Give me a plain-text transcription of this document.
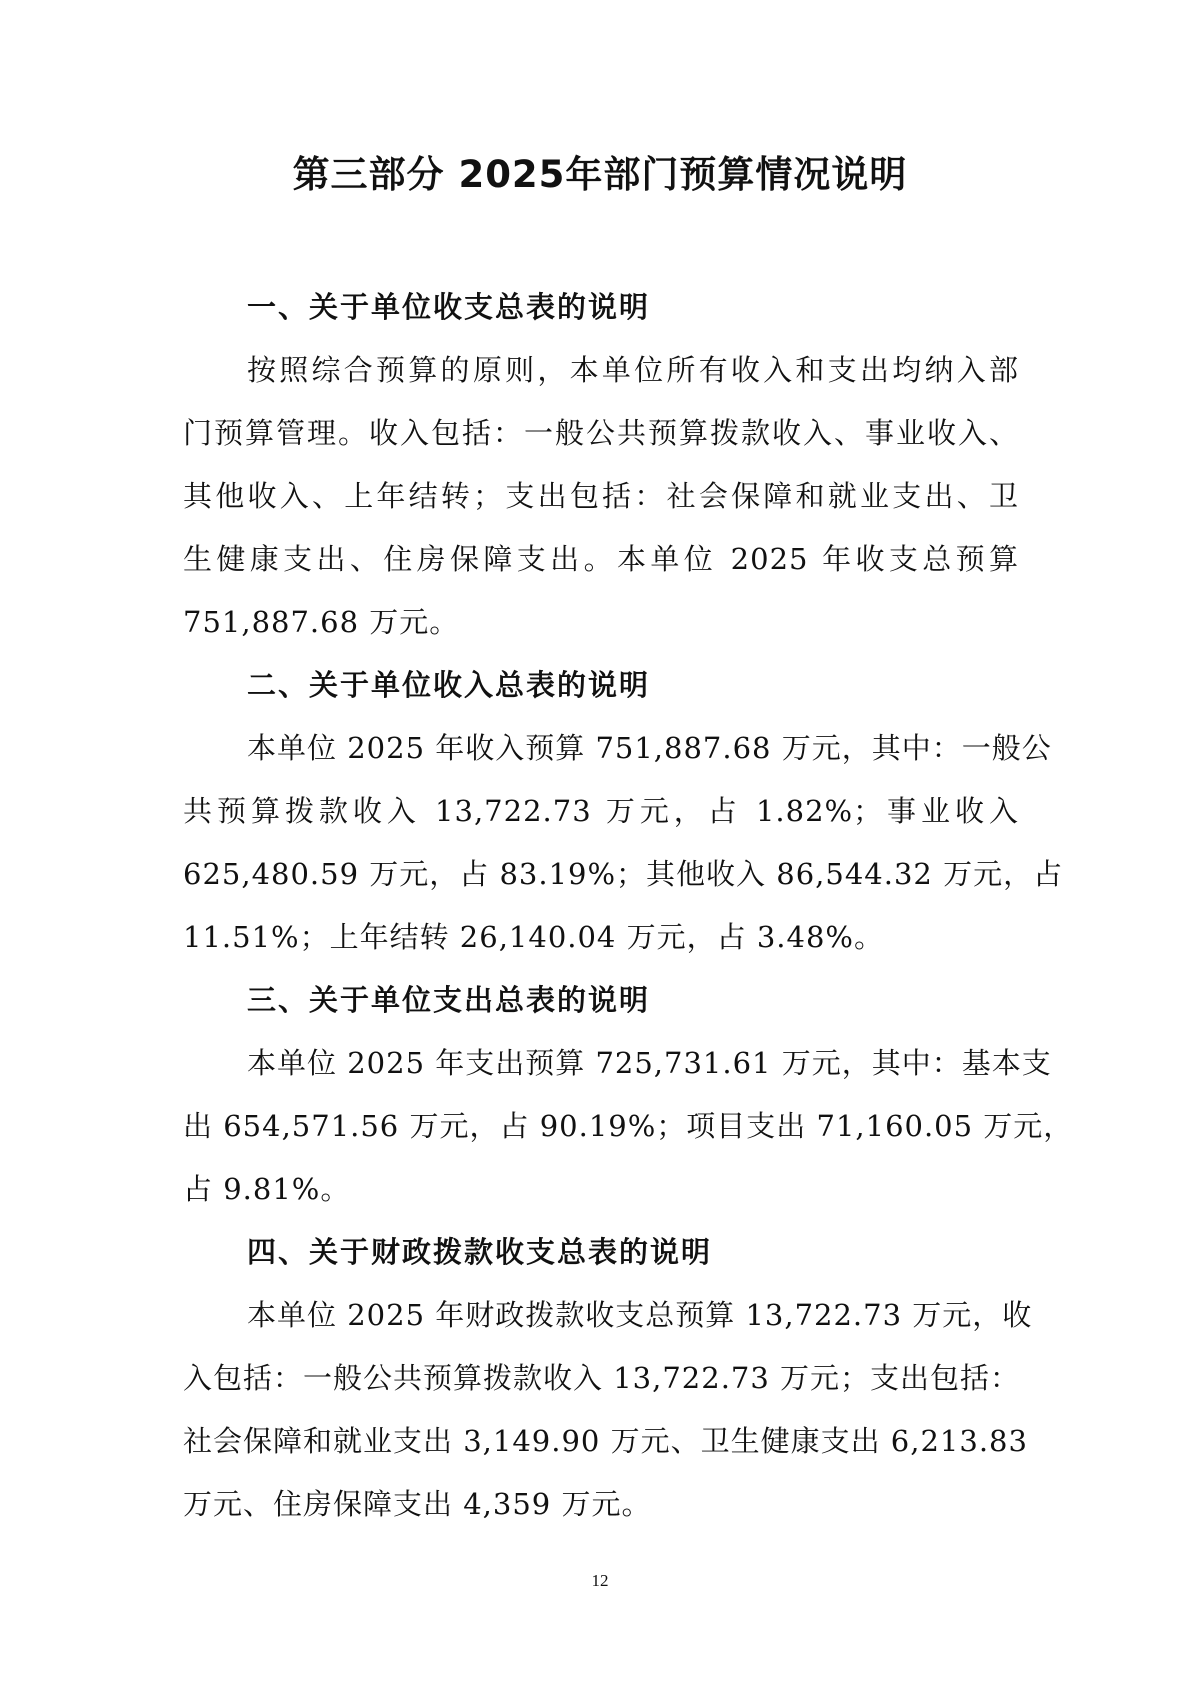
第三部分 2025年部门预算情况说明
一、关于单位收支总表的说明

按照综合预算的原则，本单位所有收入和支出均纳入部
门预算管理。收入包括：一般公共预算拨款收入、事业收入、
其他收入、上年结转；支出包括：社会保障和就业支出、卫
生健康支出、住房保障支出。本单位 2025 年收支总预算
751,887.68 万元。

二、关于单位收入总表的说明

本单位 2025 年收入预算 751,887.68 万元，其中：一般公
共预算拨款收入 13,722.73 万元，占 1.82%；事业收入
625,480.59 万元，占 83.19%；其他收入 86,544.32 万元，占
11.51%；上年结转 26,140.04 万元，占 3.48%。

三、关于单位支出总表的说明

本单位 2025 年支出预算 725,731.61 万元，其中：基本支
出 654,571.56 万元，占 90.19%；项目支出 71,160.05 万元，
占 9.81%。

四、关于财政拨款收支总表的说明

本单位 2025 年财政拨款收支总预算 13,722.73 万元，收
入包括：一般公共预算拨款收入 13,722.73 万元；支出包括：
社会保障和就业支出 3,149.90 万元、卫生健康支出 6,213.83
万元、住房保障支出 4,359 万元。

12
